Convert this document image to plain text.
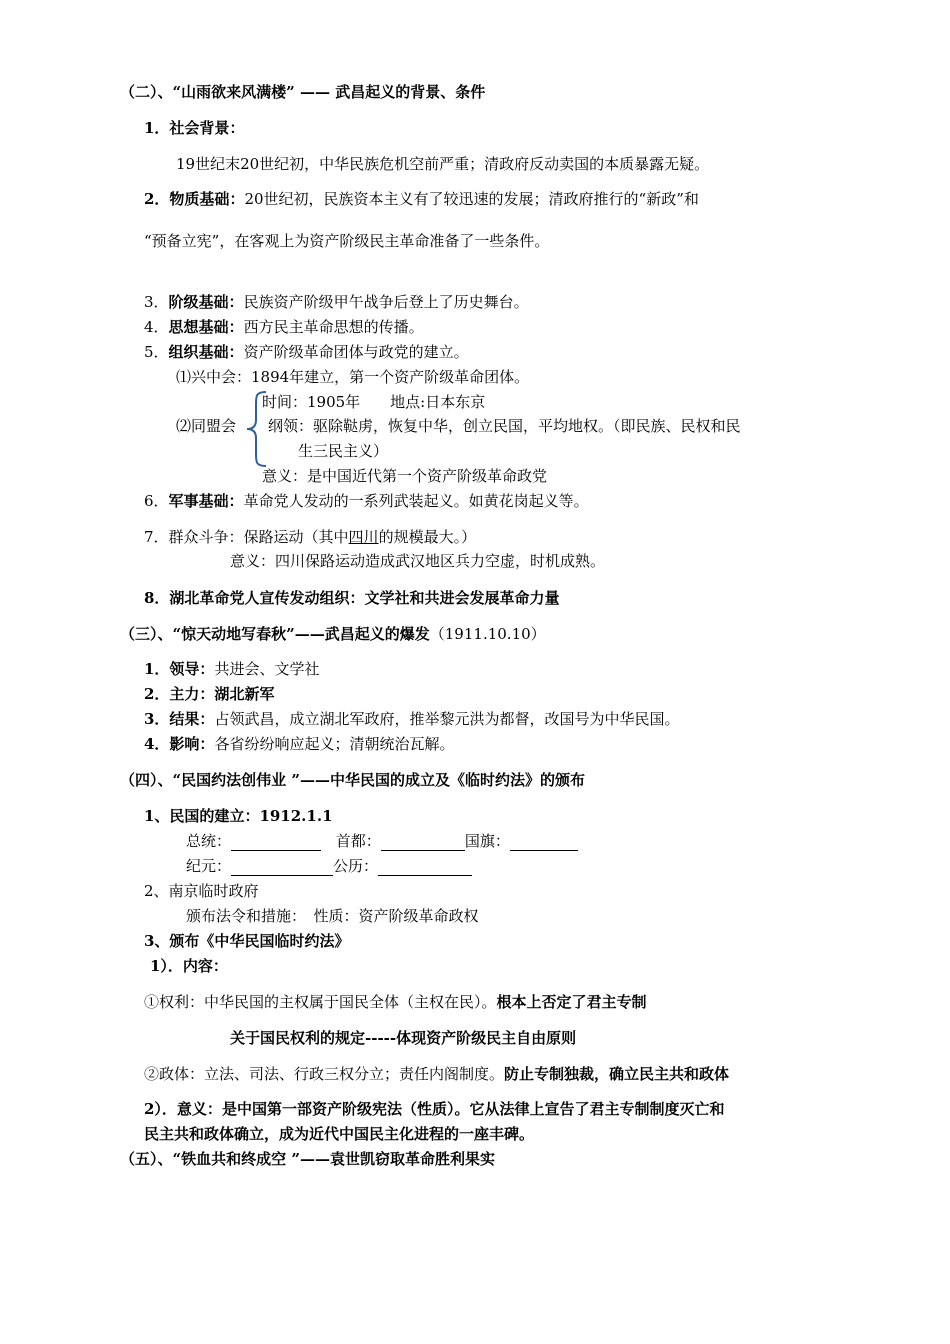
（二）、“山雨欲来风满楼” —— 武昌起义的背景、条件
1．社会背景：
19世纪末20世纪初，中华民族危机空前严重；清政府反动卖国的本质暴露无疑。
2．物质基础：20世纪初，民族资本主义有了较迅速的发展；清政府推行的“新政”和
“预备立宪”，在客观上为资产阶级民主革命准备了一些条件。
3．阶级基础：民族资产阶级甲午战争后登上了历史舞台。
4．思想基础：西方民主革命思想的传播。
5．组织基础：资产阶级革命团体与政党的建立。
⑴兴中会：1894年建立，第一个资产阶级革命团体。
⑵同盟会
时间：1905年　　地点:日本东京
纲领：驱除鞑虏，恢复中华，创立民国，平均地权。（即民族、民权和民
生三民主义）
意义：是中国近代第一个资产阶级革命政党
6．军事基础：革命党人发动的一系列武装起义。如黄花岗起义等。
7．群众斗争：保路运动（其中四川的规模最大。）
意义：四川保路运动造成武汉地区兵力空虚，时机成熟。
8．湖北革命党人宣传发动组织：文学社和共进会发展革命力量
（三）、“惊天动地写春秋”——武昌起义的爆发（1911.10.10）
1．领导：共进会、文学社
2．主力：湖北新军
3．结果：占领武昌，成立湖北军政府，推举黎元洪为都督，改国号为中华民国。
4．影响：各省纷纷响应起义；清朝统治瓦解。
（四）、“民国约法创伟业 ”——中华民国的成立及《临时约法》的颁布
1、民国的建立：1912.1.1
总统：	首都：	国旗：
纪元：	公历：
2、南京临时政府
颁布法令和措施：　性质：资产阶级革命政权
3、颁布《中华民国临时约法》
1）．内容：
①权利：中华民国的主权属于国民全体（主权在民）。根本上否定了君主专制
关于国民权利的规定-----体现资产阶级民主自由原则
②政体：立法、司法、行政三权分立；责任内阁制度。防止专制独裁，确立民主共和政体
2）．意义：是中国第一部资产阶级宪法（性质）。它从法律上宣告了君主专制制度灭亡和
民主共和政体确立，成为近代中国民主化进程的一座丰碑。
（五）、“铁血共和终成空 ”——袁世凯窃取革命胜利果实
